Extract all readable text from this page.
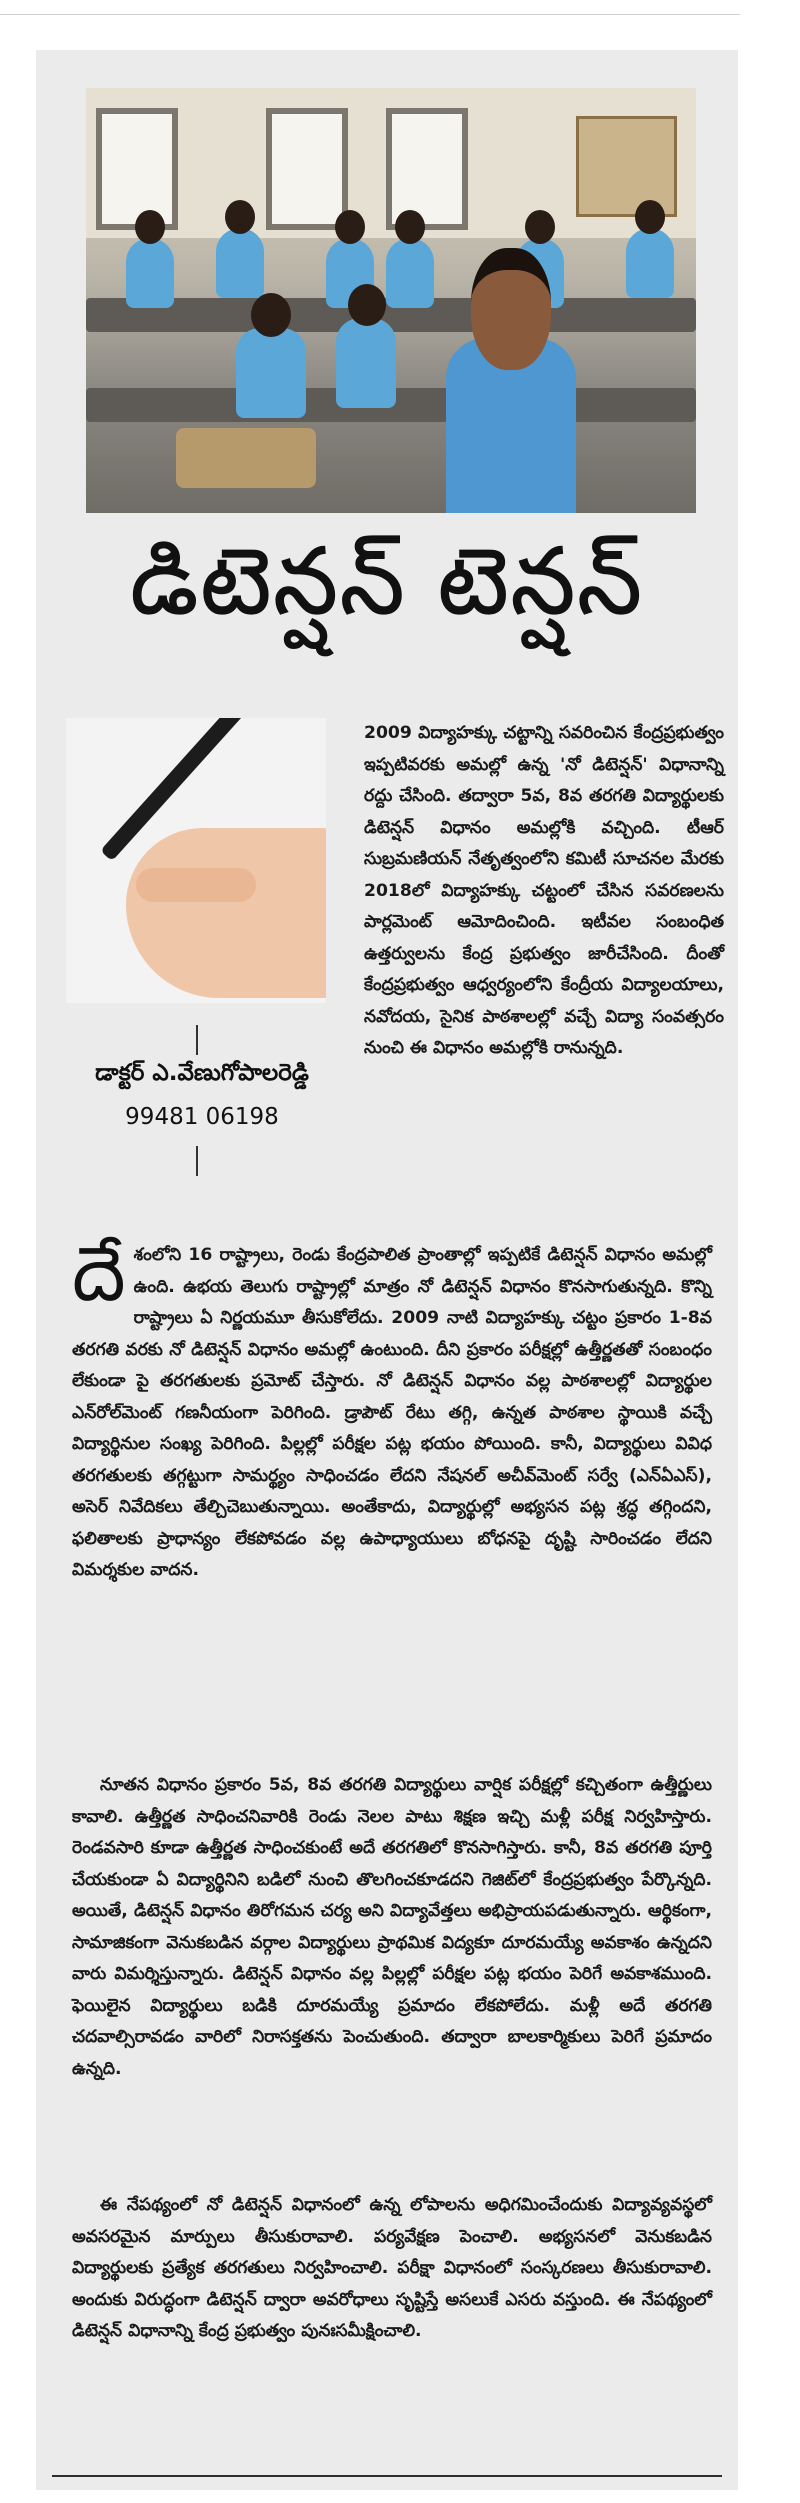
డిటెన్షన్ టెన్షన్
డాక్టర్ ఎ.వేణుగోపాలరెడ్డి
99481 06198
2009 విద్యాహక్కు చట్టాన్ని సవరించిన కేంద్రప్రభుత్వం ఇప్పటివరకు అమల్లో ఉన్న 'నో డిటెన్షన్' విధానాన్ని రద్దు చేసింది. తద్వారా 5వ, 8వ తరగతి విద్యార్థులకు డిటెన్షన్ విధానం అమల్లోకి వచ్చింది. టీఆర్ సుబ్రమణియన్ నేతృత్వంలోని కమిటీ సూచనల మేరకు 2018లో విద్యాహక్కు చట్టంలో చేసిన సవరణలను పార్లమెంట్ ఆమోదించింది. ఇటీవల సంబంధిత ఉత్తర్వులను కేంద్ర ప్రభుత్వం జారీచేసింది. దీంతో కేంద్రప్రభుత్వం ఆధ్వర్యంలోని కేంద్రీయ విద్యాలయాలు, నవోదయ, సైనిక పాఠశాలల్లో వచ్చే విద్యా సంవత్సరం నుంచి ఈ విధానం అమల్లోకి రానున్నది.
దే శంలోని 16 రాష్ట్రాలు, రెండు కేంద్రపాలిత ప్రాంతాల్లో ఇప్పటికే డిటెన్షన్ విధానం అమల్లో ఉంది. ఉభయ తెలుగు రాష్ట్రాల్లో మాత్రం నో డిటెన్షన్ విధానం కొనసాగుతున్నది. కొన్ని రాష్ట్రాలు ఏ నిర్ణయమూ తీసుకోలేదు. 2009 నాటి విద్యాహక్కు చట్టం ప్రకారం 1-8వ తరగతి వరకు నో డిటెన్షన్ విధానం అమల్లో ఉంటుంది. దీని ప్రకారం పరీక్షల్లో ఉత్తీర్ణతతో సంబంధం లేకుండా పై తరగతులకు ప్రమోట్ చేస్తారు. నో డిటెన్షన్ విధానం వల్ల పాఠశాలల్లో విద్యార్థుల ఎన్‌రోల్‌మెంట్ గణనీయంగా పెరిగింది. డ్రాపౌట్ రేటు తగ్గి, ఉన్నత పాఠశాల స్థాయికి వచ్చే విద్యార్థినుల సంఖ్య పెరిగింది. పిల్లల్లో పరీక్షల పట్ల భయం పోయింది. కానీ, విద్యార్థులు వివిధ తరగతులకు తగ్గట్టుగా సామర్థ్యం సాధించడం లేదని నేషనల్ అచీవ్‌మెంట్ సర్వే (ఎన్ఏఎస్), అసెర్ నివేదికలు తేల్చిచెబుతున్నాయి. అంతేకాదు, విద్యార్థుల్లో అభ్యసన పట్ల శ్రద్ధ తగ్గిందని, ఫలితాలకు ప్రాధాన్యం లేకపోవడం వల్ల ఉపాధ్యాయులు బోధనపై దృష్టి సారించడం లేదని విమర్శకుల వాదన.
నూతన విధానం ప్రకారం 5వ, 8వ తరగతి విద్యార్థులు వార్షిక పరీక్షల్లో కచ్చితంగా ఉత్తీర్ణులు కావాలి. ఉత్తీర్ణత సాధించనివారికి రెండు నెలల పాటు శిక్షణ ఇచ్చి మళ్లీ పరీక్ష నిర్వహిస్తారు. రెండవసారి కూడా ఉత్తీర్ణత సాధించకుంటే అదే తరగతిలో కొనసాగిస్తారు. కానీ, 8వ తరగతి పూర్తి చేయకుండా ఏ విద్యార్థినిని బడిలో నుంచి తొలగించకూడదని గెజిట్‌లో కేంద్రప్రభుత్వం పేర్కొన్నది. అయితే, డిటెన్షన్ విధానం తిరోగమన చర్య అని విద్యావేత్తలు అభిప్రాయపడుతున్నారు. ఆర్థికంగా, సామాజికంగా వెనుకబడిన వర్గాల విద్యార్థులు ప్రాథమిక విద్యకూ దూరమయ్యే అవకాశం ఉన్నదని వారు విమర్శిస్తున్నారు. డిటెన్షన్ విధానం వల్ల పిల్లల్లో పరీక్షల పట్ల భయం పెరిగే అవకాశముంది. ఫెయిలైన విద్యార్థులు బడికి దూరమయ్యే ప్రమాదం లేకపోలేదు. మళ్లీ అదే తరగతి చదవాల్సిరావడం వారిలో నిరాసక్తతను పెంచుతుంది. తద్వారా బాలకార్మికులు పెరిగే ప్రమాదం ఉన్నది.
ఈ నేపథ్యంలో నో డిటెన్షన్ విధానంలో ఉన్న లోపాలను అధిగమించేందుకు విద్యావ్యవస్థలో అవసరమైన మార్పులు తీసుకురావాలి. పర్యవేక్షణ పెంచాలి. అభ్యసనలో వెనుకబడిన విద్యార్థులకు ప్రత్యేక తరగతులు నిర్వహించాలి. పరీక్షా విధానంలో సంస్కరణలు తీసుకురావాలి. అందుకు విరుద్ధంగా డిటెన్షన్ ద్వారా అవరోధాలు సృష్టిస్తే అసలుకే ఎసరు వస్తుంది. ఈ నేపథ్యంలో డిటెన్షన్ విధానాన్ని కేంద్ర ప్రభుత్వం పునఃసమీక్షించాలి.
